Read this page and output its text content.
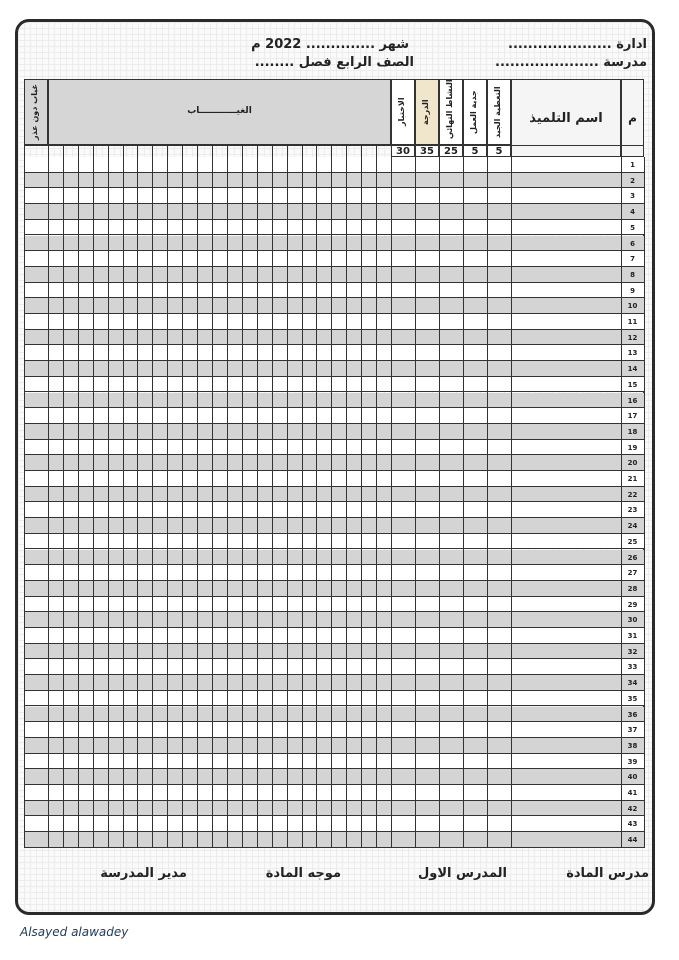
ادارة .....................
مدرسة .....................
شهر .............. 2022 م
الصف الرابع فصل ........
م
اسم التلميذ
التغطية الجيد
5
جدية العمل
5
النشاط التهائي
25
الدرجة
35
الاختبار
30
الغيــــــــــــاب
غياب دون عذر
1
2
3
4
5
6
7
8
9
10
11
12
13
14
15
16
17
18
19
20
21
22
23
24
25
26
27
28
29
30
31
32
33
34
35
36
37
38
39
40
41
42
43
44
مدرس المادة
المدرس الاول
موجه المادة
مدير المدرسة
Alsayed alawadey
